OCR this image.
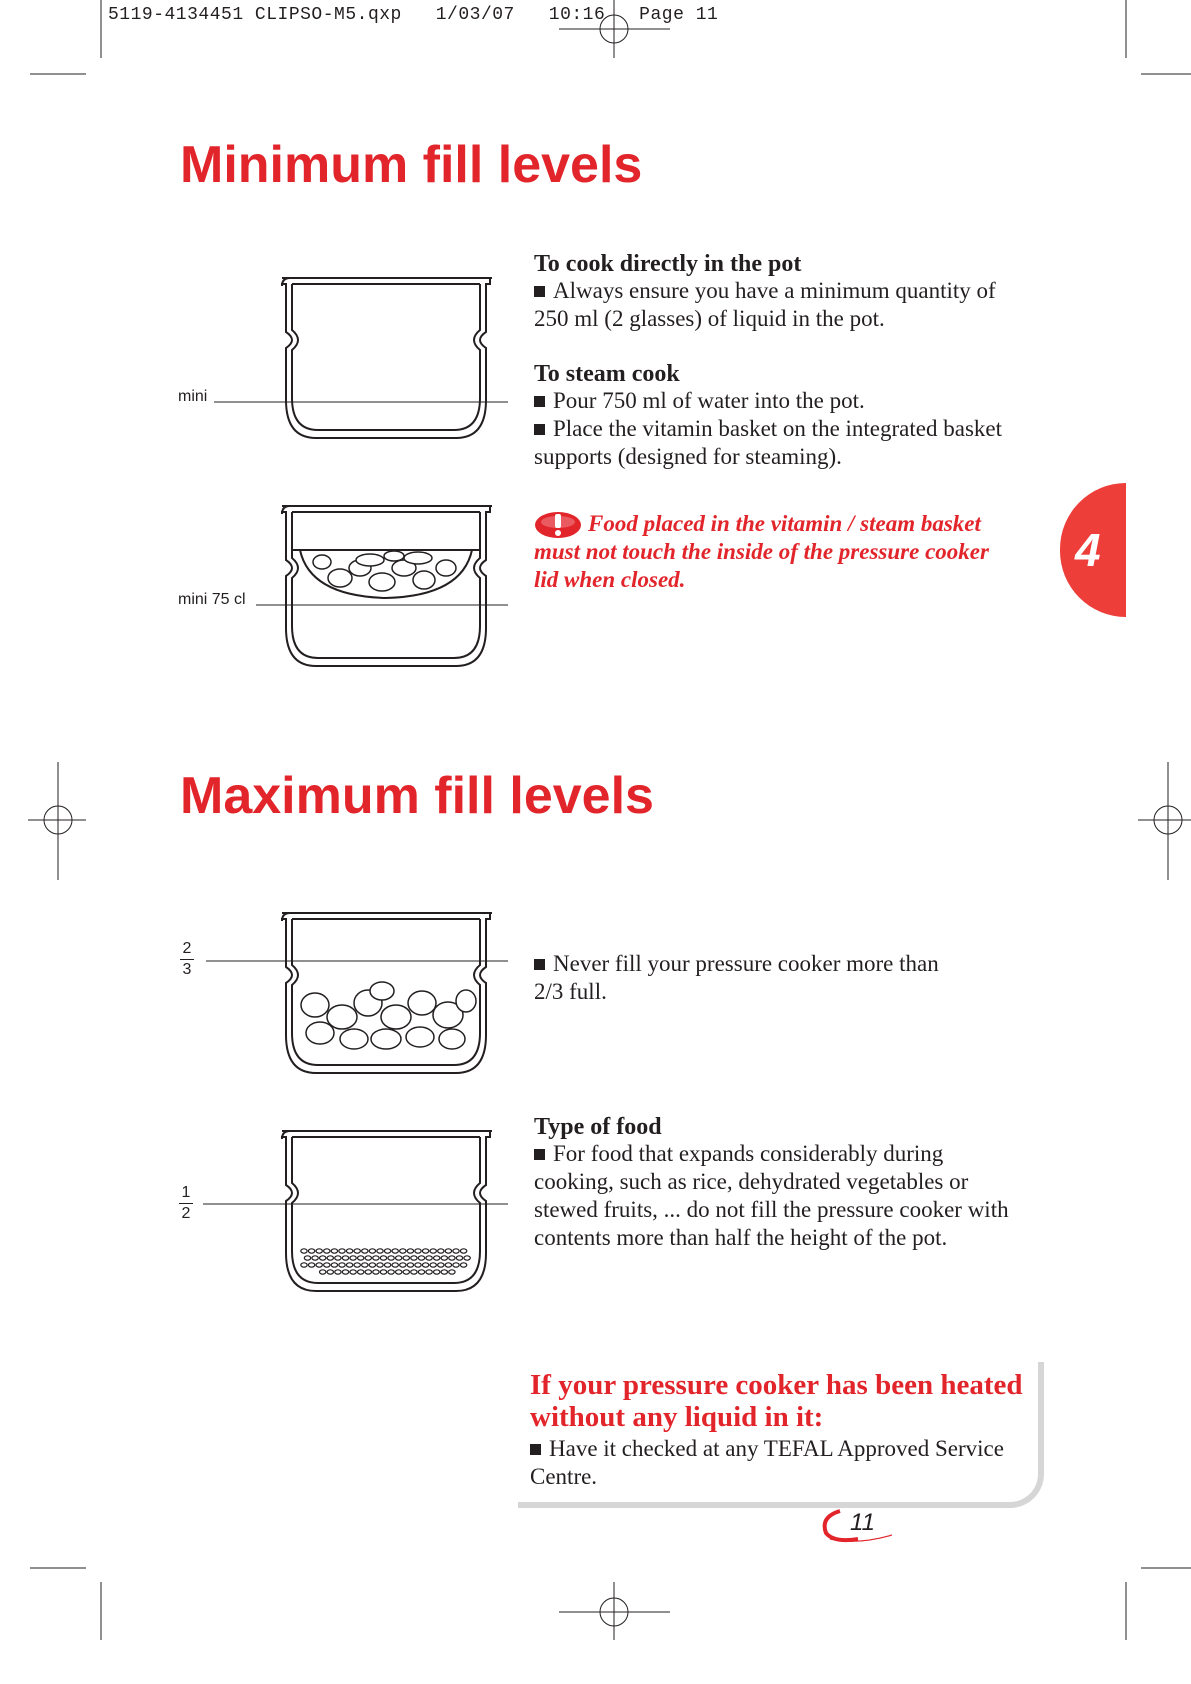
5119-4134451 CLIPSO-M5.qxp   1/03/07   10:16   Page 11
Minimum fill levels
mini
mini 75 cl
To cook directly in the pot
Always ensure you have a minimum quantity of
250 ml (2 glasses) of liquid in the pot.
To steam cook
Pour 750 ml of water into the pot.
Place the vitamin basket on the integrated basket
supports (designed for steaming).
Food placed in the vitamin / steam basket
must not touch the inside of the pressure cooker
lid when closed.
4
Maximum fill levels
2
3
1
2
Never fill your pressure cooker more than
2/3 full.
Type of food
For food that expands considerably during
cooking, such as rice, dehydrated vegetables or
stewed fruits, ... do not fill the pressure cooker with
contents more than half the height of the pot.
If your pressure cooker has been heated
without any liquid in it:
Have it checked at any TEFAL Approved Service
Centre.
11
